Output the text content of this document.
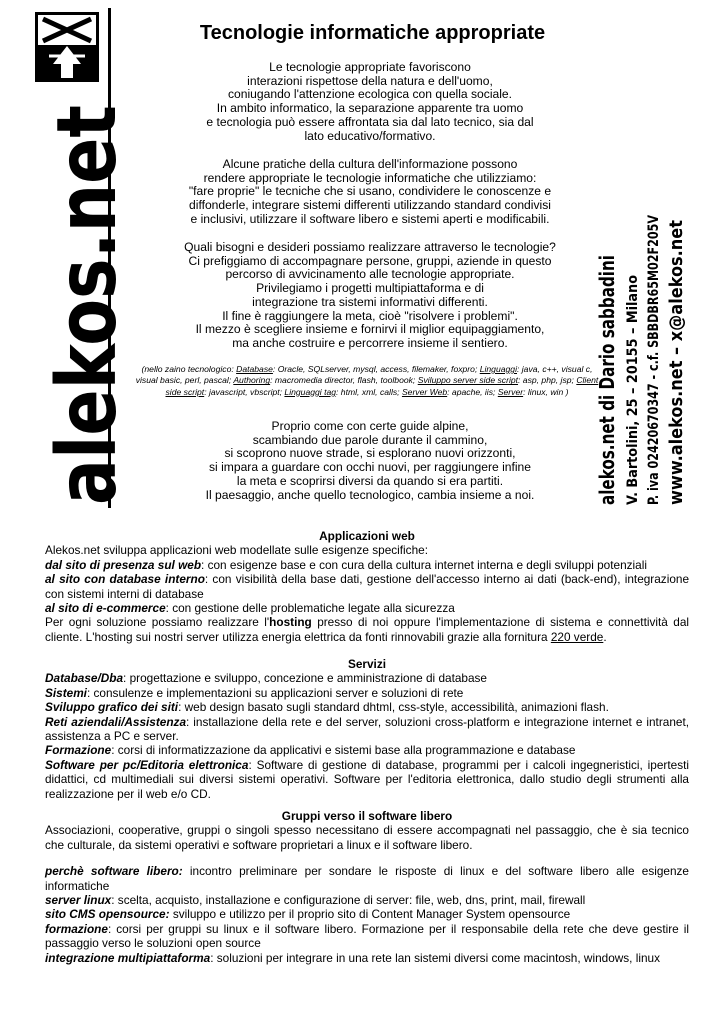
alekos.net	alekos.net di Dario sabbadini V. Bartolini, 25 – 20155 – Milano P. iva 02420670347 - c.f. SBBDBR65M02F205V www.alekos.net – x@alekos.net
Tecnologie informatiche appropriate
Le tecnologie appropriate favoriscono
interazioni rispettose della natura e dell'uomo,
coniugando l'attenzione ecologica con quella sociale.
In ambito informatico, la separazione apparente tra uomo
e tecnologia può essere affrontata sia dal lato tecnico, sia dal
lato educativo/formativo.
Alcune pratiche della cultura dell'informazione possono
rendere appropriate le tecnologie informatiche che utilizziamo:
"fare proprie" le tecniche che si usano, condividere le conoscenze e
diffonderle, integrare sistemi differenti utilizzando standard condivisi
e inclusivi, utilizzare il software libero e sistemi aperti e modificabili.
Quali bisogni e desideri possiamo realizzare attraverso le tecnologie?
Ci prefiggiamo di accompagnare persone, gruppi, aziende in questo
percorso di avvicinamento alle tecnologie appropriate.
Privilegiamo i progetti multipiattaforma e di
integrazione tra sistemi informativi differenti.
Il fine è raggiungere la meta, cioè "risolvere i problemi".
Il mezzo è scegliere insieme e fornirvi il miglior equipaggiamento,
ma anche costruire e percorrere insieme il sentiero.
(nello zaino tecnologico: Database: Oracle, SQLserver, mysql, access, filemaker, foxpro; Linguaggi: java, c++, visual c, visual basic, perl, pascal; Authoring: macromedia director, flash, toolbook; Sviluppo server side script: asp, php, jsp; Client side script: javascript, vbscript; Linguaggi tag: html, xml, calls; Server Web: apache, iis; Server: linux, win )
Proprio come con certe guide alpine,
scambiando due parole durante il cammino,
si scoprono nuove strade, si esplorano nuovi orizzonti,
si impara a guardare con occhi nuovi, per raggiungere infine
la meta e scoprirsi diversi da quando si era partiti.
Il paesaggio, anche quello tecnologico, cambia insieme a noi.
Applicazioni web
Alekos.net sviluppa applicazioni web modellate sulle esigenze specifiche:
dal sito di presenza sul web: con esigenze base e con cura della cultura internet interna e degli sviluppi potenziali
al sito con database interno: con visibilità della base dati, gestione dell'accesso interno ai dati (back-end), integrazione con sistemi interni di database
al sito di e-commerce: con gestione delle problematiche legate alla sicurezza
Per ogni soluzione possiamo realizzare l'hosting presso di noi oppure l'implementazione di sistema e connettività dal cliente. L'hosting sui nostri server utilizza energia elettrica da fonti rinnovabili grazie alla fornitura 220 verde.
Servizi
Database/Dba: progettazione e sviluppo, concezione e amministrazione di database
Sistemi: consulenze e implementazioni su applicazioni server e soluzioni di rete
Sviluppo grafico dei siti: web design basato sugli standard dhtml, css-style, accessibilità, animazioni flash.
Reti aziendali/Assistenza: installazione della rete e del server, soluzioni cross-platform e integrazione internet e intranet, assistenza a PC e server.
Formazione: corsi di informatizzazione da applicativi e sistemi base alla programmazione e database
Software per pc/Editoria elettronica: Software di gestione di database, programmi per i calcoli ingegneristici, ipertesti didattici, cd multimediali sui diversi sistemi operativi. Software per l'editoria elettronica, dallo studio degli strumenti alla realizzazione per il web e/o CD.
Gruppi verso il software libero
Associazioni, cooperative, gruppi o singoli spesso necessitano di essere accompagnati nel passaggio, che è sia tecnico che culturale, da sistemi operativi e software proprietari a linux e il software libero.
perchè software libero: incontro preliminare per sondare le risposte di linux e del software libero alle esigenze informatiche
server linux: scelta, acquisto, installazione e configurazione di server: file, web, dns, print, mail, firewall
sito CMS opensource: sviluppo e utilizzo per il proprio sito di Content Manager System opensource
formazione: corsi per gruppi su linux e il software libero. Formazione per il responsabile della rete che deve gestire il passaggio verso le soluzioni open source
integrazione multipiattaforma: soluzioni per integrare in una rete lan sistemi diversi come macintosh, windows, linux
